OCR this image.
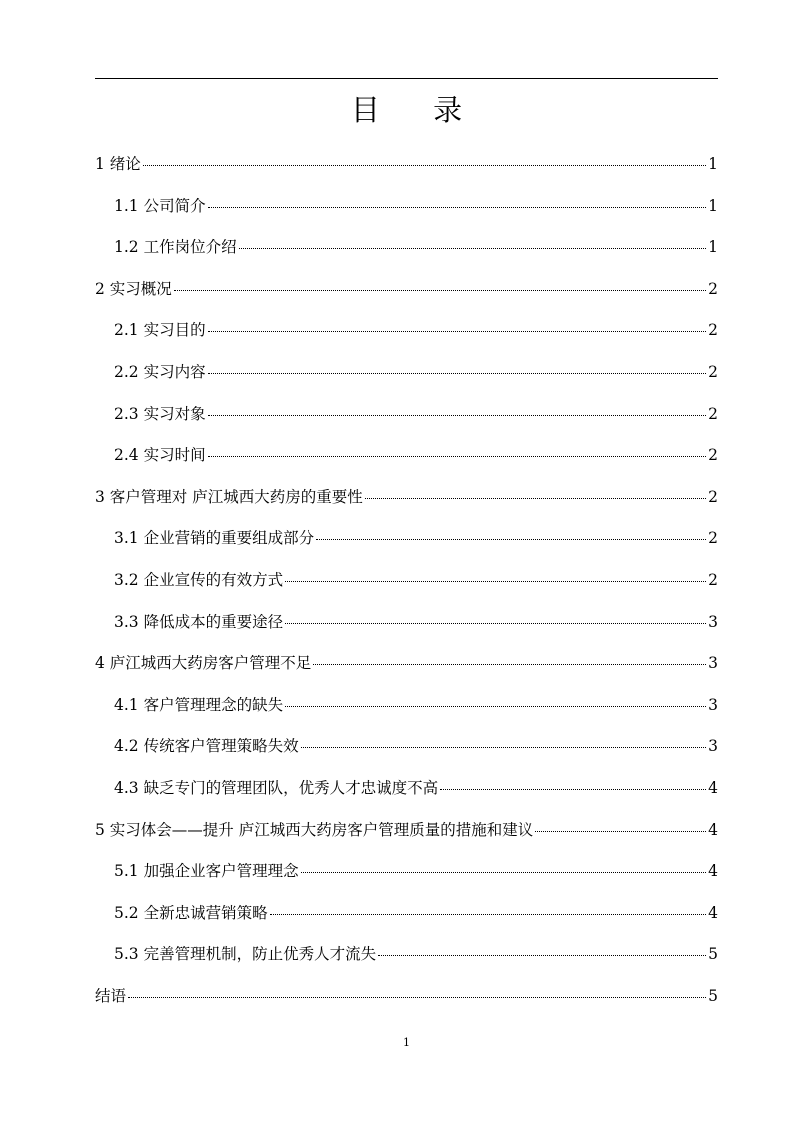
目 录
1 绪论	1
1.1 公司简介	1
1.2 工作岗位介绍	1
2 实习概况	2
2.1 实习目的	2
2.2 实习内容	2
2.3 实习对象	2
2.4 实习时间	2
3 客户管理对 庐江城西大药房的重要性	2
3.1 企业营销的重要组成部分	2
3.2 企业宣传的有效方式	2
3.3 降低成本的重要途径	3
4 庐江城西大药房客户管理不足	3
4.1 客户管理理念的缺失	3
4.2 传统客户管理策略失效	3
4.3 缺乏专门的管理团队，优秀人才忠诚度不高	4
5 实习体会——提升 庐江城西大药房客户管理质量的措施和建议	4
5.1 加强企业客户管理理念	4
5.2 全新忠诚营销策略	4
5.3 完善管理机制，防止优秀人才流失	5
结语	5
1
